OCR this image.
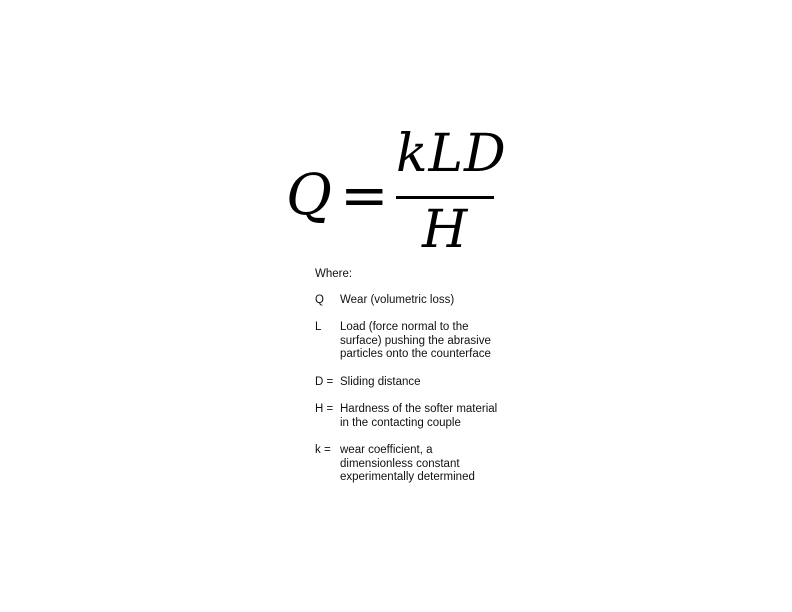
Q =
kLD
H
Where:
Q	Wear (volumetric loss)
L	Load (force normal to the
surface) pushing the abrasive
particles onto the counterface
D = Sliding distance
H = Hardness of the softer material
in the contacting couple
k = wear coefficient, a
dimensionless constant
experimentally determined
